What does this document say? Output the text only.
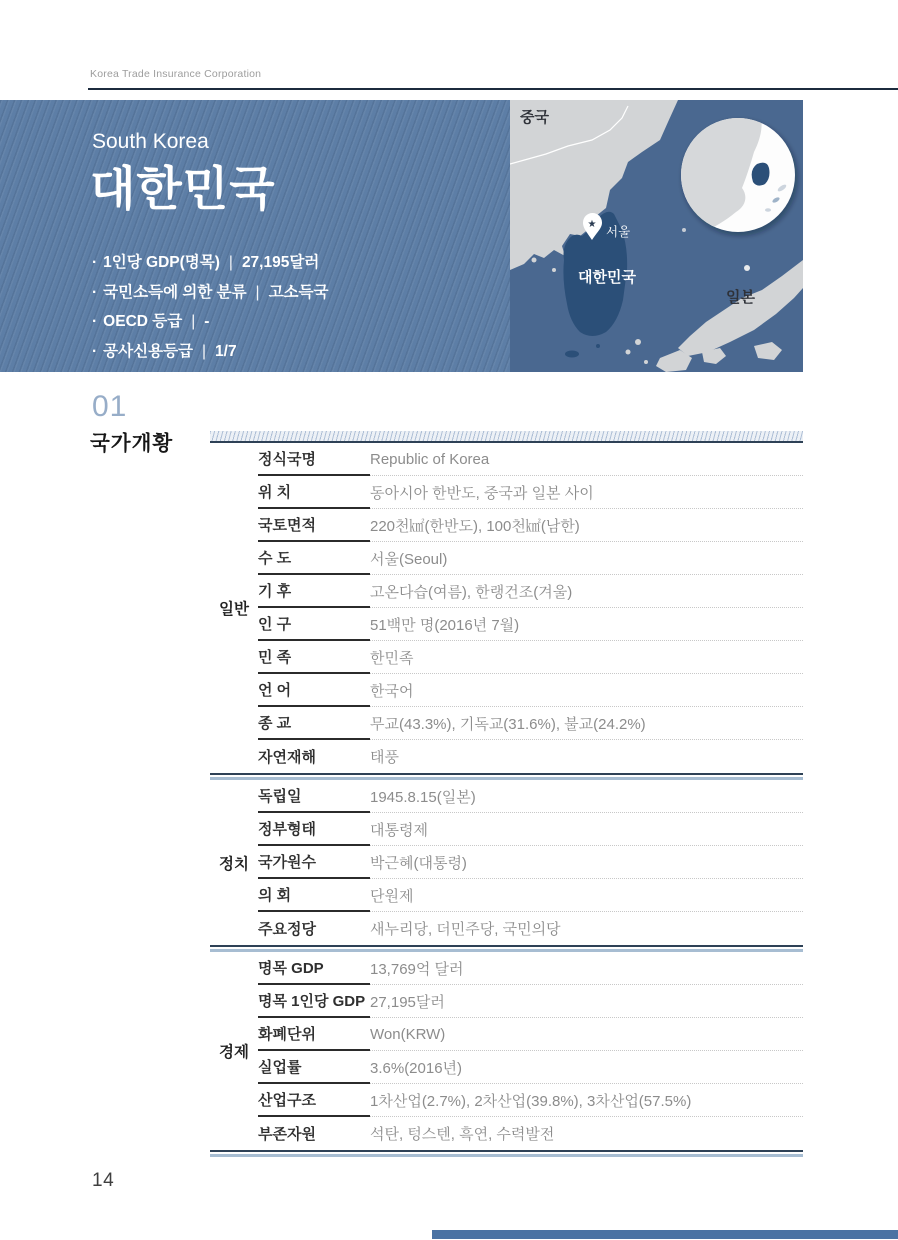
Korea Trade Insurance Corporation
South Korea
대한민국
· 1인당 GDP(명목) | 27,195달러
· 국민소득에 의한 분류 | 고소득국
· OECD 등급 | -
· 공사신용등급 | 1/7
★
중국
서울
대한민국
일본
01
국가개황
일반
정식국명	Republic of Korea
위 치	동아시아 한반도, 중국과 일본 사이
국토면적	220천㎢(한반도), 100천㎢(남한)
수 도	서울(Seoul)
기 후	고온다습(여름), 한랭건조(겨울)
인 구	51백만 명(2016년 7월)
민 족	한민족
언 어	한국어
종 교	무교(43.3%), 기독교(31.6%), 불교(24.2%)
자연재해	태풍
정치
독립일	1945.8.15(일본)
정부형태	대통령제
국가원수	박근혜(대통령)
의 회	단원제
주요정당	새누리당, 더민주당, 국민의당
경제
명목 GDP	13,769억 달러
명목 1인당 GDP 27,195달러
화폐단위	Won(KRW)
실업률	3.6%(2016년)
산업구조	1차산업(2.7%), 2차산업(39.8%), 3차산업(57.5%)
부존자원	석탄, 텅스텐, 흑연, 수력발전
14
